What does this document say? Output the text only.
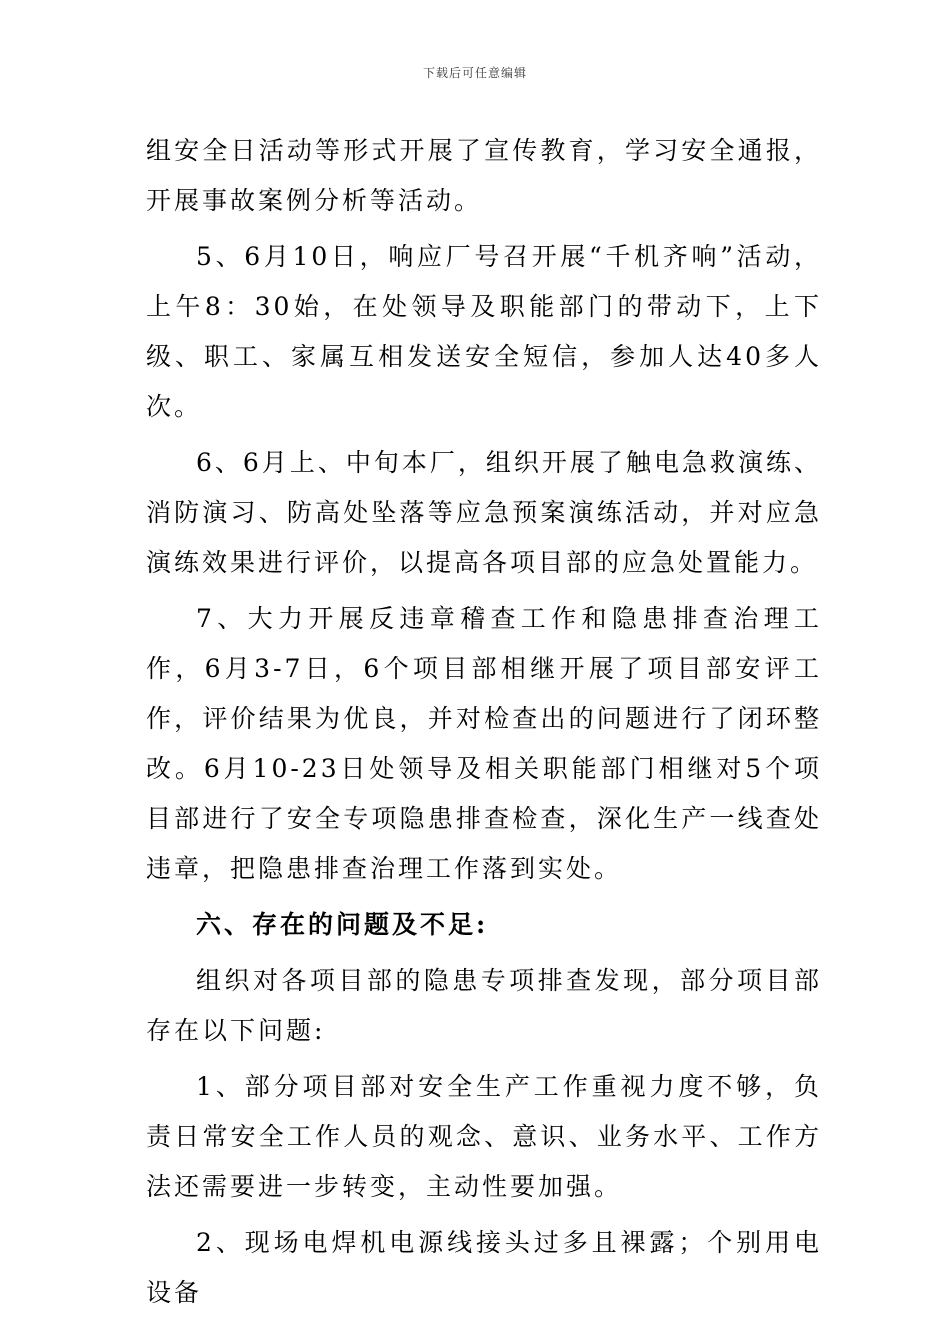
下载后可任意编辑

组安全日活动等形式开展了宣传教育，学习安全通报，开展事故案例分析等活动。

5、6月10日，响应厂号召开展“千机齐响”活动，上午8：30始，在处领导及职能部门的带动下，上下级、职工、家属互相发送安全短信，参加人达40多人次。

6、6月上、中旬本厂，组织开展了触电急救演练、消防演习、防高处坠落等应急预案演练活动，并对应急演练效果进行评价，以提高各项目部的应急处置能力。

7、大力开展反违章稽查工作和隐患排查治理工作，6月3-7日，6个项目部相继开展了项目部安评工作，评价结果为优良，并对检查出的问题进行了闭环整改。6月10-23日处领导及相关职能部门相继对5个项目部进行了安全专项隐患排查检查，深化生产一线查处违章，把隐患排查治理工作落到实处。

六、存在的问题及不足:

组织对各项目部的隐患专项排查发现，部分项目部存在以下问题:

1、部分项目部对安全生产工作重视力度不够，负责日常安全工作人员的观念、意识、业务水平、工作方法还需要进一步转变，主动性要加强。

2、现场电焊机电源线接头过多且裸露；个别用电设备
